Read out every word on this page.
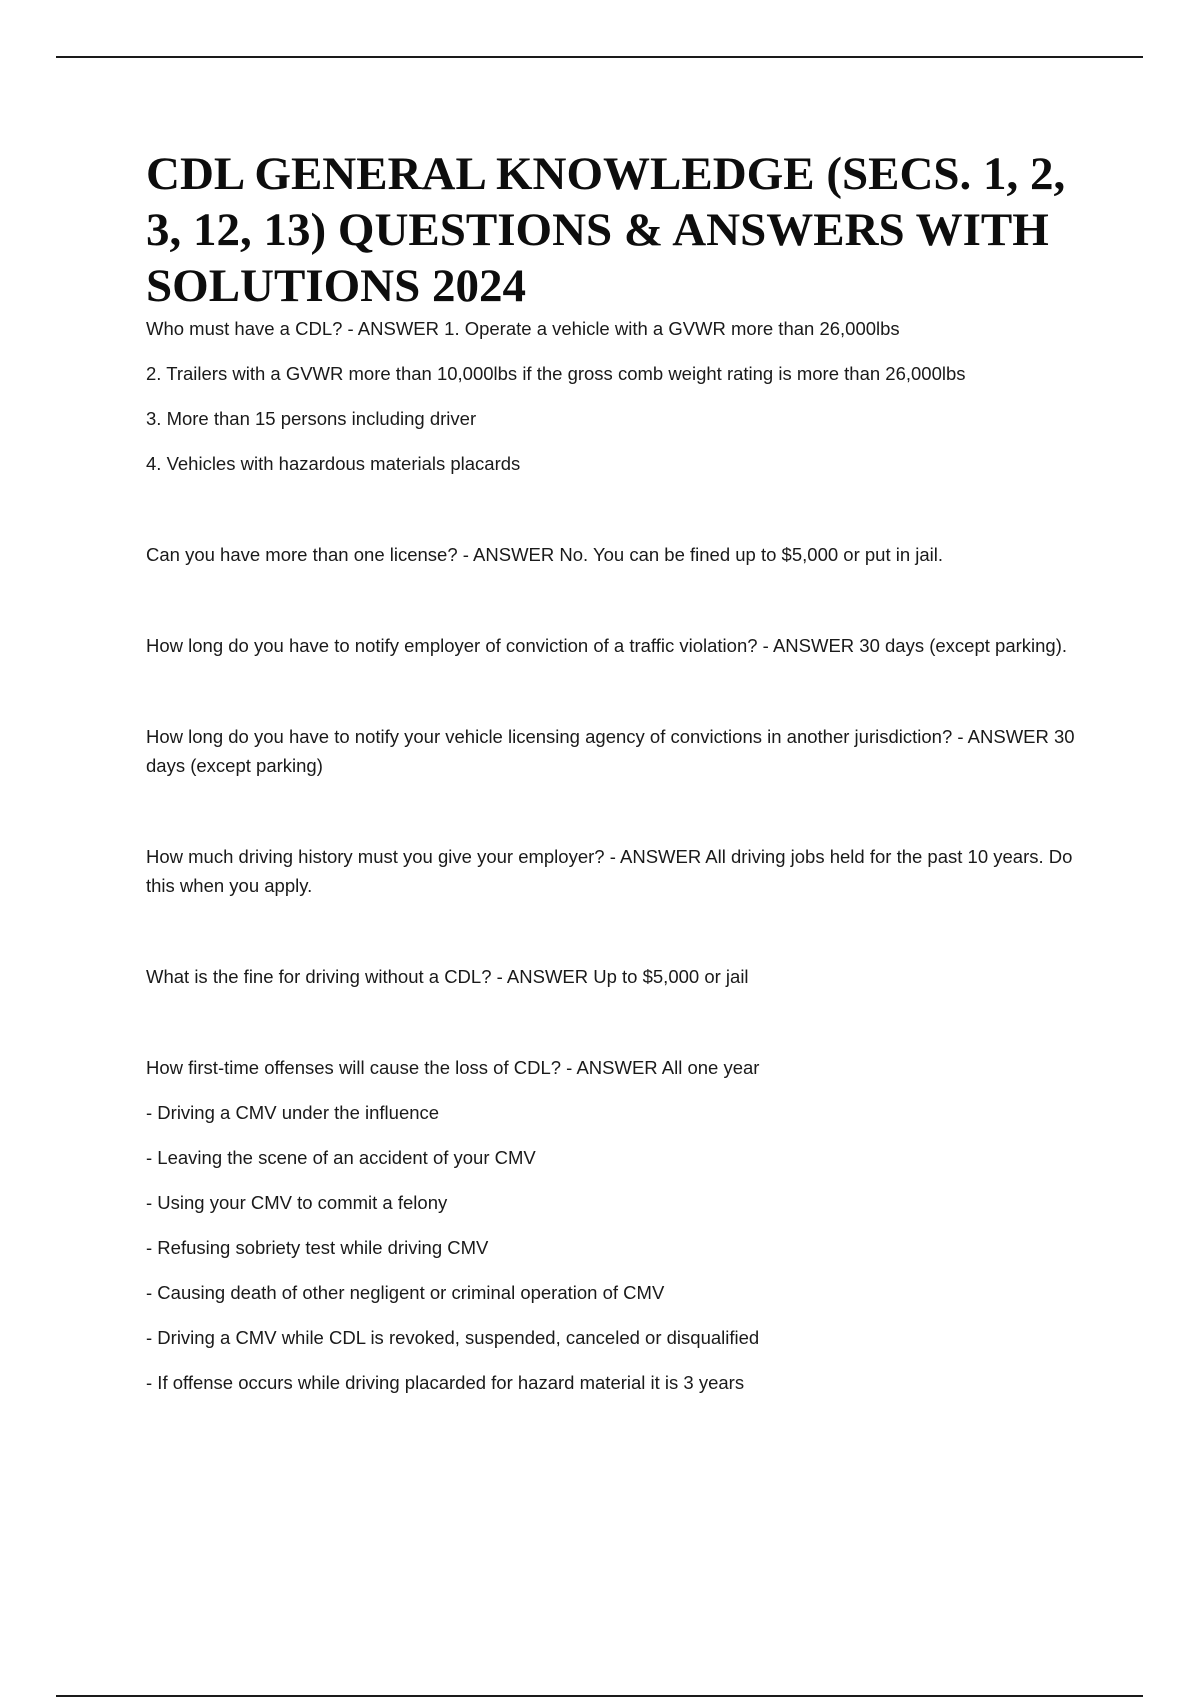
CDL GENERAL KNOWLEDGE (SECS. 1, 2, 3, 12, 13) QUESTIONS & ANSWERS WITH SOLUTIONS 2024

Who must have a CDL? - ANSWER 1. Operate a vehicle with a GVWR more than 26,000lbs

2. Trailers with a GVWR more than 10,000lbs if the gross comb weight rating is more than 26,000lbs

3. More than 15 persons including driver

4. Vehicles with hazardous materials placards

Can you have more than one license? - ANSWER No. You can be fined up to $5,000 or put in jail.

How long do you have to notify employer of conviction of a traffic violation? - ANSWER 30 days (except parking).

How long do you have to notify your vehicle licensing agency of convictions in another jurisdiction? - ANSWER 30 days (except parking)

How much driving history must you give your employer? - ANSWER All driving jobs held for the past 10 years. Do this when you apply.

What is the fine for driving without a CDL? - ANSWER Up to $5,000 or jail

How first-time offenses will cause the loss of CDL? - ANSWER All one year

- Driving a CMV under the influence

- Leaving the scene of an accident of your CMV

- Using your CMV to commit a felony

- Refusing sobriety test while driving CMV

- Causing death of other negligent or criminal operation of CMV

- Driving a CMV while CDL is revoked, suspended, canceled or disqualified

- If offense occurs while driving placarded for hazard material it is 3 years
